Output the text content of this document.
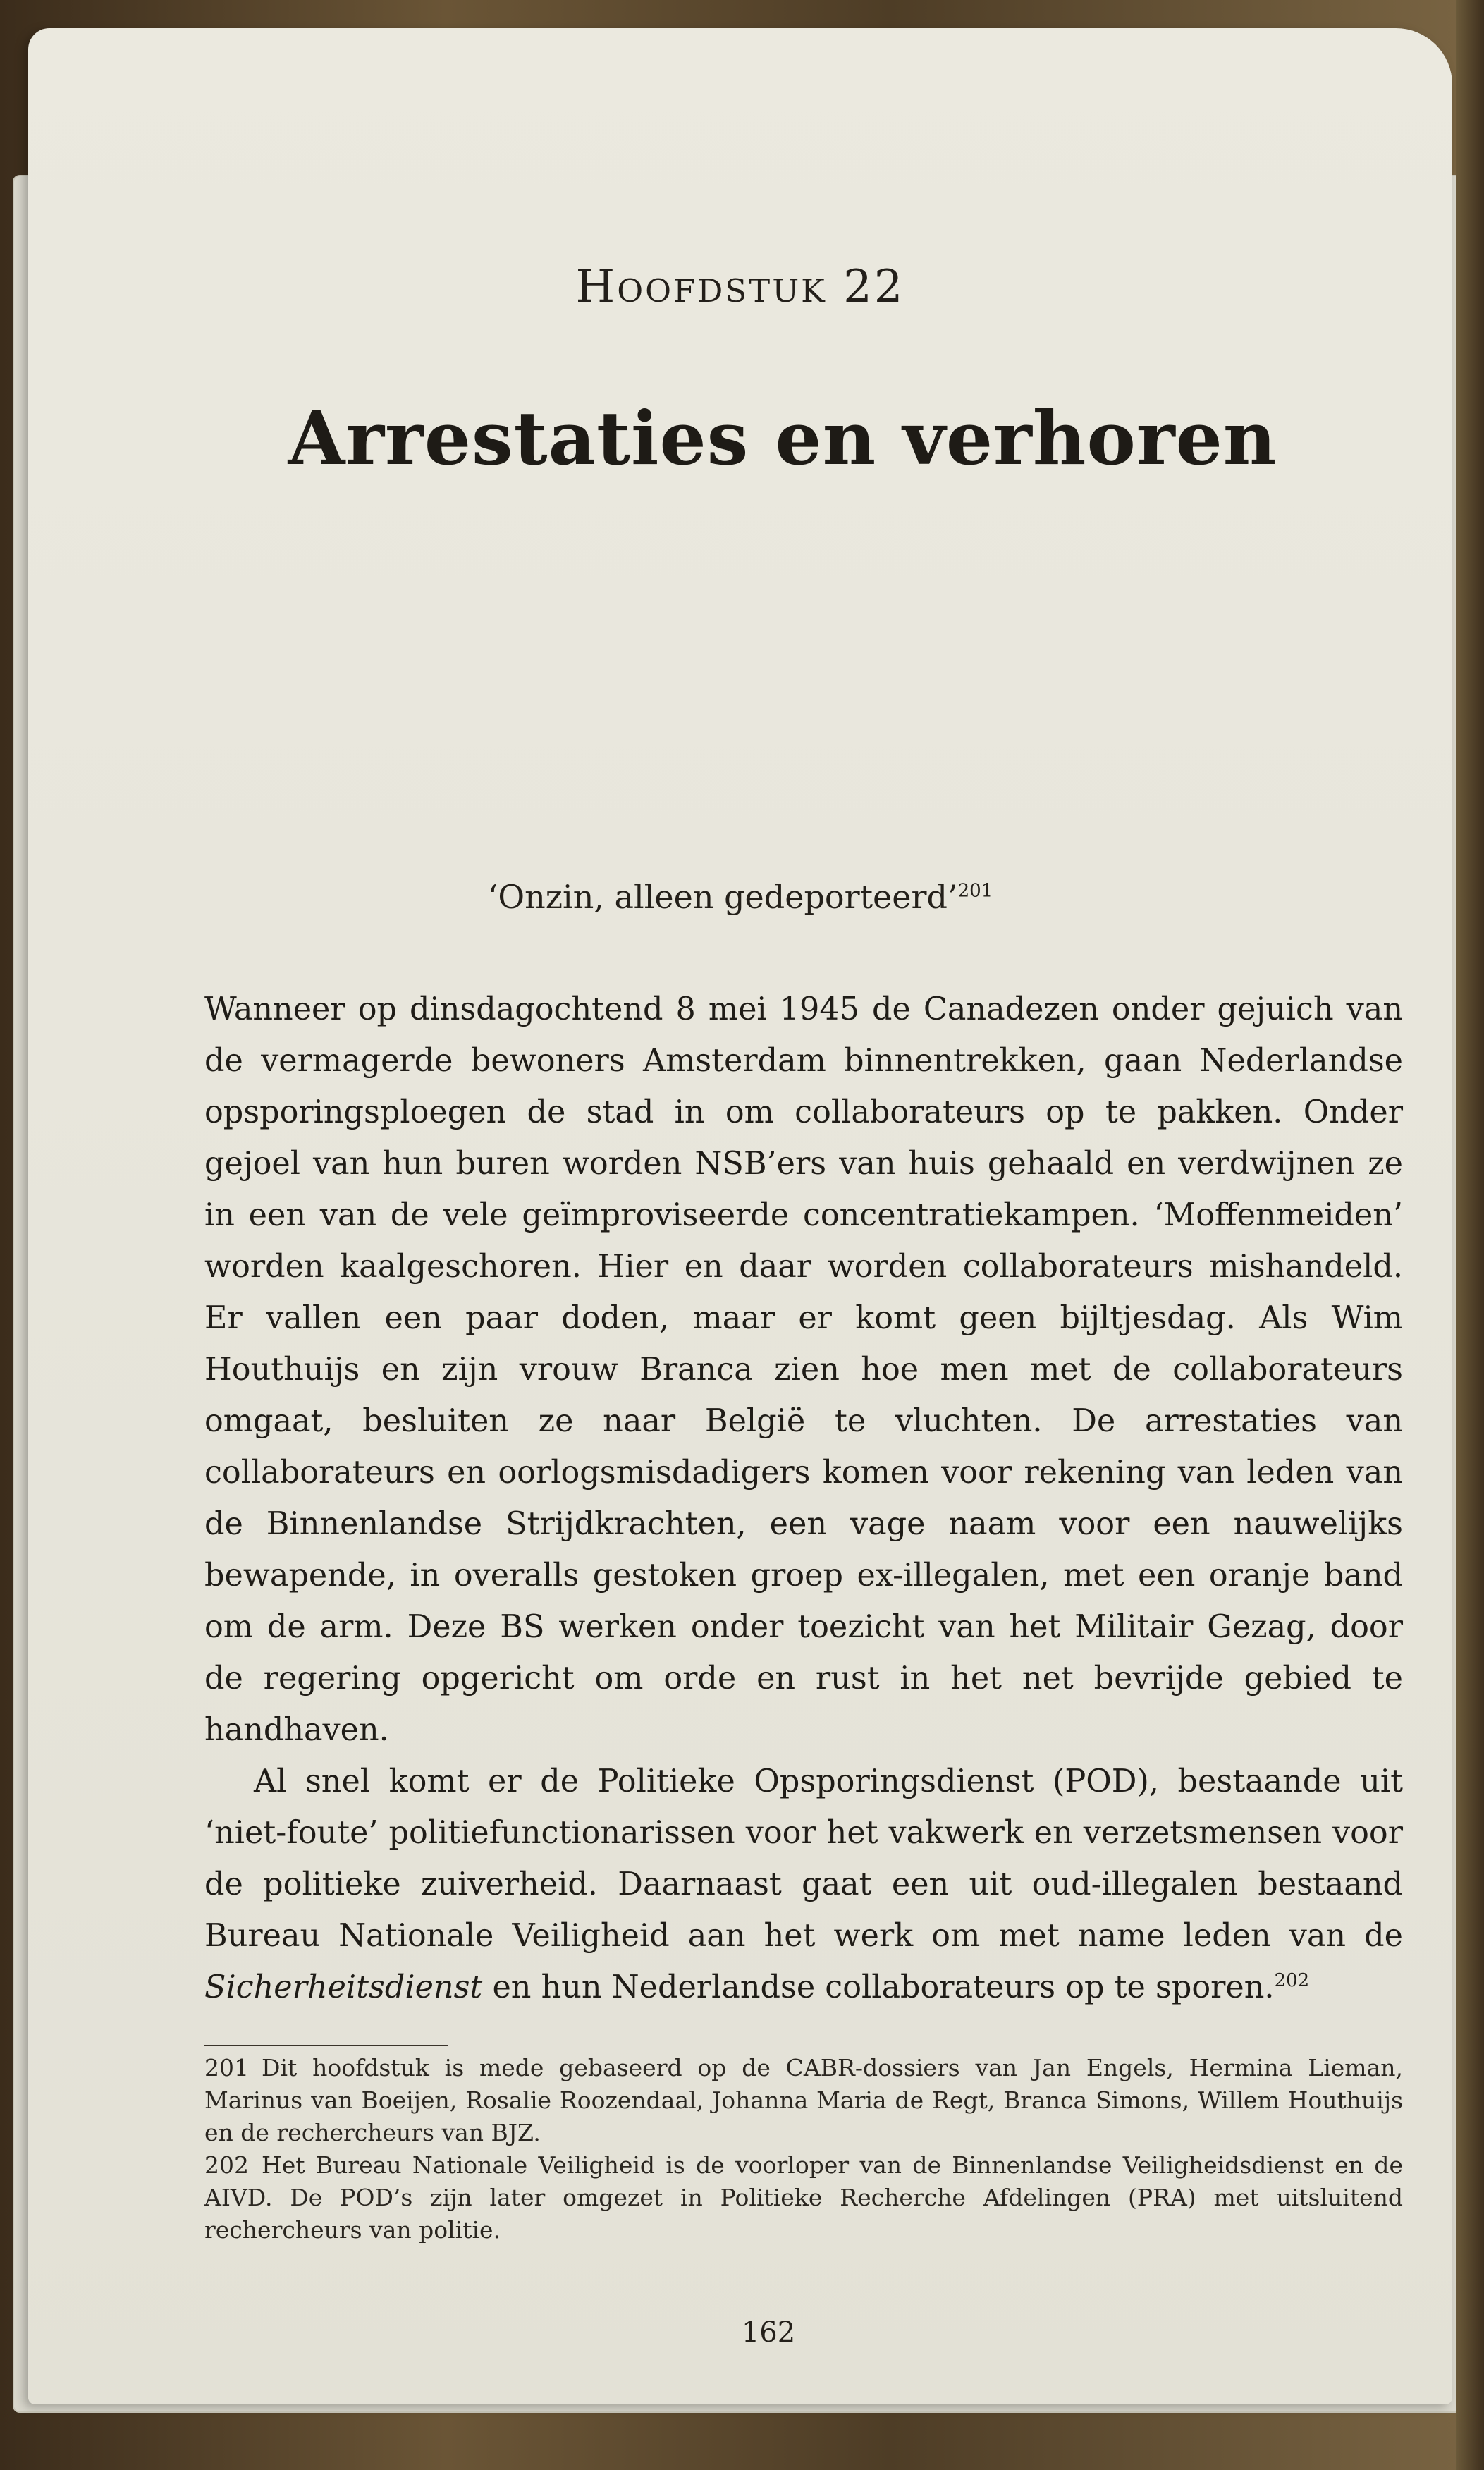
Hoofdstuk 22
Arrestaties en verhoren
‘Onzin, alleen gedeporteerd’$^{201}$

Wanneer op dinsdagochtend 8 mei 1945 de Canadezen onder gejuich van de vermagerde bewoners Amsterdam binnentrekken, gaan Nederlandse opsporingsploegen de stad in om collaborateurs op te pakken. Onder gejoel van hun buren worden NSB’ers van huis gehaald en verdwijnen ze in een van de vele geïmproviseerde concentratiekampen. ‘Moffenmeiden’ worden kaalgeschoren. Hier en daar worden collaborateurs mishandeld. Er vallen een paar doden, maar er komt geen bijltjesdag. Als Wim Houthuijs en zijn vrouw Branca zien hoe men met de collaborateurs omgaat, besluiten ze naar België te vluchten. De arrestaties van collaborateurs en oorlogsmisdadigers komen voor rekening van leden van de Binnenlandse Strijdkrachten, een vage naam voor een nauwelijks bewapende, in overalls gestoken groep ex-illegalen, met een oranje band om de arm. Deze BS werken onder toezicht van het Militair Gezag, door de regering opgericht om orde en rust in het net bevrijde gebied te handhaven.

Al snel komt er de Politieke Opsporingsdienst (POD), bestaande uit ‘niet-foute’ politiefunctionarissen voor het vakwerk en verzetsmensen voor de politieke zuiverheid. Daarnaast gaat een uit oud-illegalen bestaand Bureau Nationale Veiligheid aan het werk om met name leden van de Sicherheitsdienst en hun Nederlandse collaborateurs op te sporen.$^{202}$

201 Dit hoofdstuk is mede gebaseerd op de CABR-dossiers van Jan Engels, Hermina Lieman, Marinus van Boeijen, Rosalie Roozendaal, Johanna Maria de Regt, Branca Simons, Willem Houthuijs en de rechercheurs van BJZ.

202 Het Bureau Nationale Veiligheid is de voorloper van de Binnenlandse Veiligheidsdienst en de AIVD. De POD’s zijn later omgezet in Politieke Recherche Afdelingen (PRA) met uitsluitend rechercheurs van politie.

162
